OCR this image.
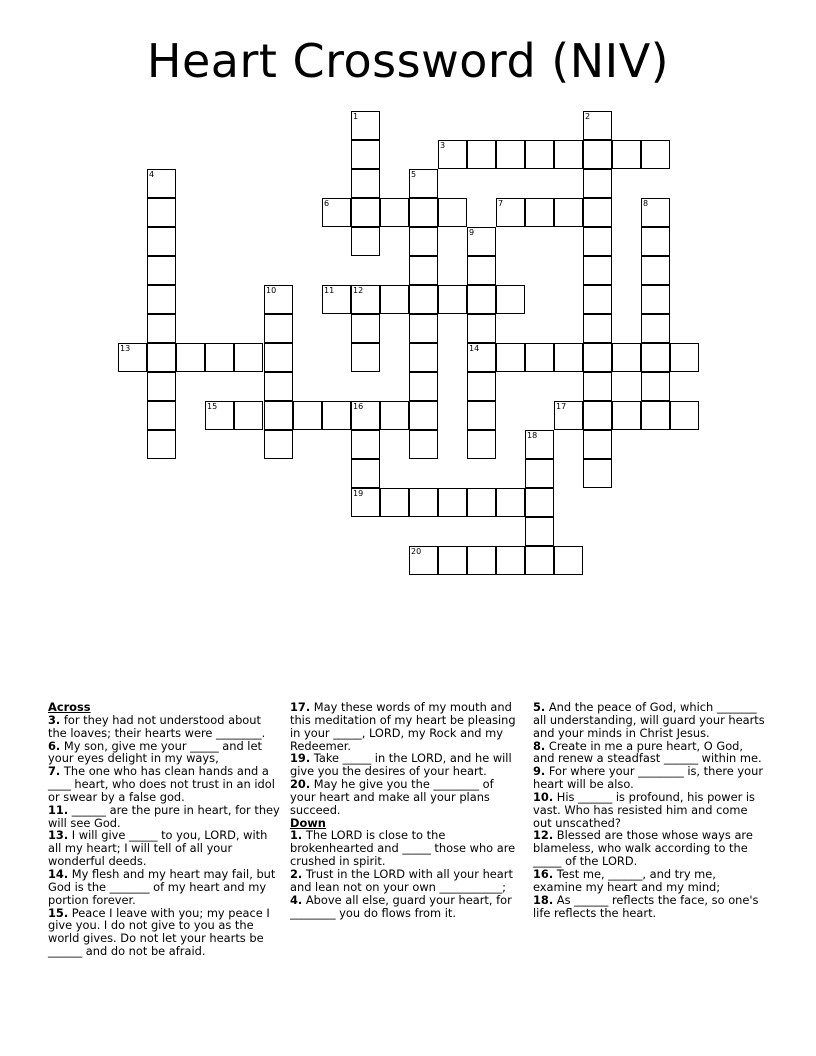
Heart Crossword (NIV)
1	2
3
4	5
6	7	8
9
10	11 12
13	14
15	16	17
18
19
20

Across

3. for they had not understood about the loaves; their hearts were ________.

6. My son, give me your _____ and let your eyes delight in my ways,

7. The one who has clean hands and a ____ heart, who does not trust in an idol or swear by a false god.

11. ______ are the pure in heart, for they will see God.

13. I will give _____ to you, LORD, with all my heart; I will tell of all your wonderful deeds.

14. My flesh and my heart may fail, but God is the _______ of my heart and my portion forever.

15. Peace I leave with you; my peace I give you. I do not give to you as the world gives. Do not let your hearts be ______ and do not be afraid.

17. May these words of my mouth and this meditation of my heart be pleasing in your _____, LORD, my Rock and my Redeemer.

19. Take _____ in the LORD, and he will give you the desires of your heart.

20. May he give you the ________ of your heart and make all your plans succeed.

Down

1. The LORD is close to the brokenhearted and _____ those who are crushed in spirit.

2. Trust in the LORD with all your heart and lean not on your own ___________;

4. Above all else, guard your heart, for ________ you do flows from it.

5. And the peace of God, which _______ all understanding, will guard your hearts and your minds in Christ Jesus.

8. Create in me a pure heart, O God, and renew a steadfast ______ within me.

9. For where your ________ is, there your heart will be also.

10. His ______ is profound, his power is vast. Who has resisted him and come out unscathed?

12. Blessed are those whose ways are blameless, who walk according to the _____ of the LORD.

16. Test me, ______, and try me, examine my heart and my mind;

18. As ______ reflects the face, so one's life reflects the heart.
